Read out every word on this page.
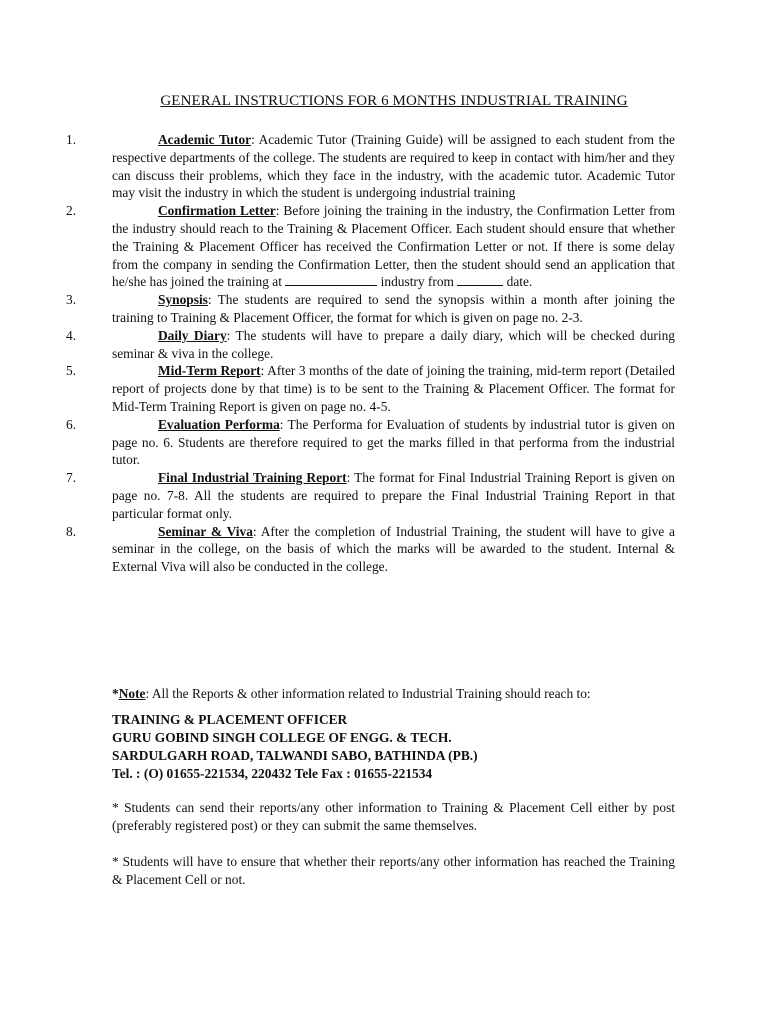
GENERAL INSTRUCTIONS FOR 6 MONTHS INDUSTRIAL TRAINING
1.	Academic Tutor: Academic Tutor (Training Guide) will be assigned to each student from the respective departments of the college. The students are required to keep in contact with him/her and they can discuss their problems, which they face in the industry, with the academic tutor. Academic Tutor may visit the industry in which the student is undergoing industrial training
2.	Confirmation Letter: Before joining the training in the industry, the Confirmation Letter from the industry should reach to the Training & Placement Officer. Each student should ensure that whether the Training & Placement Officer has received the Confirmation Letter or not. If there is some delay from the company in sending the Confirmation Letter, then the student should send an application that he/she has joined the training at	industry from	date.
3.	Synopsis: The students are required to send the synopsis within a month after joining the training to Training & Placement Officer, the format for which is given on page no. 2-3.
4.	Daily Diary: The students will have to prepare a daily diary, which will be checked during seminar & viva in the college.
5.	Mid-Term Report: After 3 months of the date of joining the training, mid-term report (Detailed report of projects done by that time) is to be sent to the Training & Placement Officer. The format for Mid-Term Training Report is given on page no. 4-5.
6.	Evaluation Performa: The Performa for Evaluation of students by industrial tutor is given on page no. 6. Students are therefore required to get the marks filled in that performa from the industrial tutor.
7.	Final Industrial Training Report: The format for Final Industrial Training Report is given on page no. 7-8. All the students are required to prepare the Final Industrial Training Report in that particular format only.
8.	Seminar & Viva: After the completion of Industrial Training, the student will have to give a seminar in the college, on the basis of which the marks will be awarded to the student. Internal & External Viva will also be conducted in the college.
*Note: All the Reports & other information related to Industrial Training should reach to:
TRAINING & PLACEMENT OFFICER
GURU GOBIND SINGH COLLEGE OF ENGG. & TECH.
SARDULGARH ROAD, TALWANDI SABO, BATHINDA (PB.)
Tel. : (O) 01655-221534, 220432 Tele Fax : 01655-221534
* Students can send their reports/any other information to Training & Placement Cell either by post (preferably registered post) or they can submit the same themselves.
* Students will have to ensure that whether their reports/any other information has reached the Training & Placement Cell or not.
